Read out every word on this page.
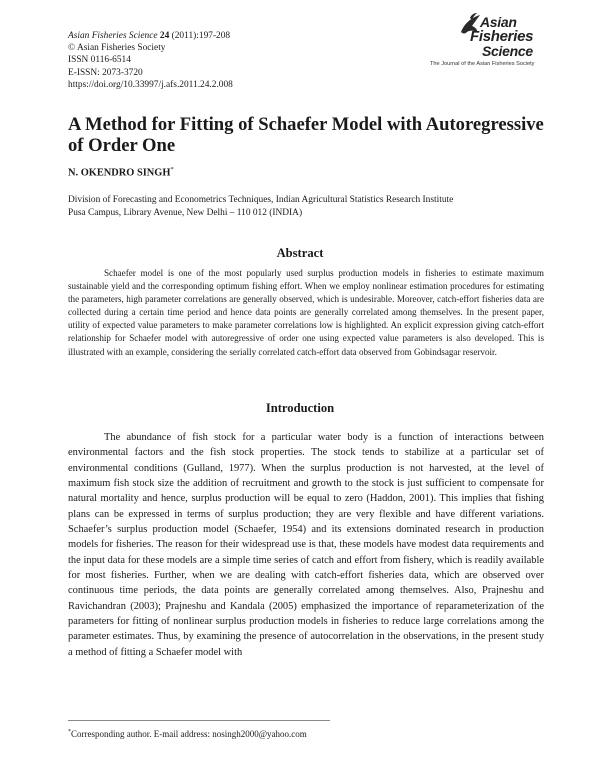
Asian Fisheries Science 24 (2011):197-208
© Asian Fisheries Society
ISSN 0116-6514
E-ISSN: 2073-3720
https://doi.org/10.33997/j.afs.2011.24.2.008
Asian
Fisheries
Science
The Journal of the Asian Fisheries Society
A Method for Fitting of Schaefer Model with Autoregressive of Order One
N. OKENDRO SINGH*
Division of Forecasting and Econometrics Techniques, Indian Agricultural Statistics Research Institute
Pusa Campus, Library Avenue, New Delhi – 110 012 (INDIA)
Abstract

Schaefer model is one of the most popularly used surplus production models in fisheries to estimate maximum sustainable yield and the corresponding optimum fishing effort. When we employ nonlinear estimation procedures for estimating the parameters, high parameter correlations are generally observed, which is undesirable. Moreover, catch-effort fisheries data are collected during a certain time period and hence data points are generally correlated among themselves. In the present paper, utility of expected value parameters to make parameter correlations low is highlighted. An explicit expression giving catch-effort relationship for Schaefer model with autoregressive of order one using expected value parameters is also developed. This is illustrated with an example, considering the serially correlated catch-effort data observed from Gobindsagar reservoir.

Introduction

The abundance of fish stock for a particular water body is a function of interactions between environmental factors and the fish stock properties. The stock tends to stabilize at a particular set of environmental conditions (Gulland, 1977). When the surplus production is not harvested, at the level of maximum fish stock size the addition of recruitment and growth to the stock is just sufficient to compensate for natural mortality and hence, surplus production will be equal to zero (Haddon, 2001). This implies that fishing plans can be expressed in terms of surplus production; they are very flexible and have different variations. Schaefer’s surplus production model (Schaefer, 1954) and its extensions dominated research in production models for fisheries. The reason for their widespread use is that, these models have modest data requirements and the input data for these models are a simple time series of catch and effort from fishery, which is readily available for most fisheries. Further, when we are dealing with catch-effort fisheries data, which are observed over continuous time periods, the data points are generally correlated among themselves. Also, Prajneshu and Ravichandran (2003); Prajneshu and Kandala (2005) emphasized the importance of reparameterization of the parameters for fitting of nonlinear surplus production models in fisheries to reduce large correlations among the parameter estimates. Thus, by examining the presence of autocorrelation in the observations, in the present study a method of fitting a Schaefer model with

*Corresponding author. E-mail address: nosingh2000@yahoo.com
